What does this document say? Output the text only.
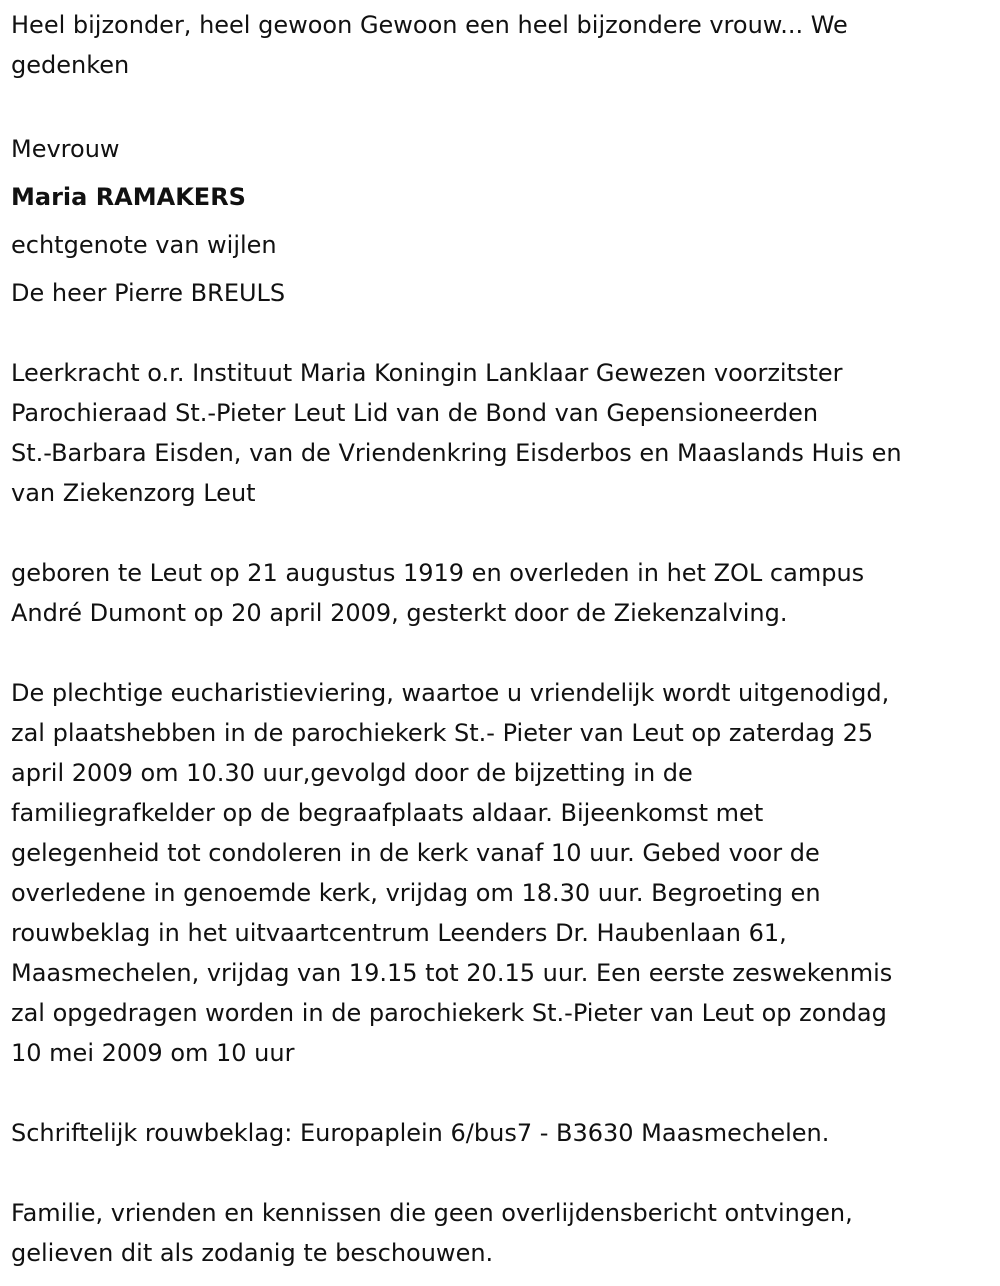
Heel bijzonder, heel gewoon Gewoon een heel bijzondere vrouw... We
gedenken
Mevrouw
Maria RAMAKERS
echtgenote van wijlen
De heer Pierre BREULS
Leerkracht o.r. Instituut Maria Koningin Lanklaar Gewezen voorzitster
Parochieraad St.-Pieter Leut Lid van de Bond van Gepensioneerden
St.-Barbara Eisden, van de Vriendenkring Eisderbos en Maaslands Huis en
van Ziekenzorg Leut
geboren te Leut op 21 augustus 1919 en overleden in het ZOL campus
André Dumont op 20 april 2009, gesterkt door de Ziekenzalving.
De plechtige eucharistieviering, waartoe u vriendelijk wordt uitgenodigd,
zal plaatshebben in de parochiekerk St.- Pieter van Leut op zaterdag 25
april 2009 om 10.30 uur,gevolgd door de bijzetting in de
familiegrafkelder op de begraafplaats aldaar. Bijeenkomst met
gelegenheid tot condoleren in de kerk vanaf 10 uur. Gebed voor de
overledene in genoemde kerk, vrijdag om 18.30 uur. Begroeting en
rouwbeklag in het uitvaartcentrum Leenders Dr. Haubenlaan 61,
Maasmechelen, vrijdag van 19.15 tot 20.15 uur. Een eerste zeswekenmis
zal opgedragen worden in de parochiekerk St.-Pieter van Leut op zondag
10 mei 2009 om 10 uur
Schriftelijk rouwbeklag: Europaplein 6/bus7 - B3630 Maasmechelen.
Familie, vrienden en kennissen die geen overlijdensbericht ontvingen,
gelieven dit als zodanig te beschouwen.
